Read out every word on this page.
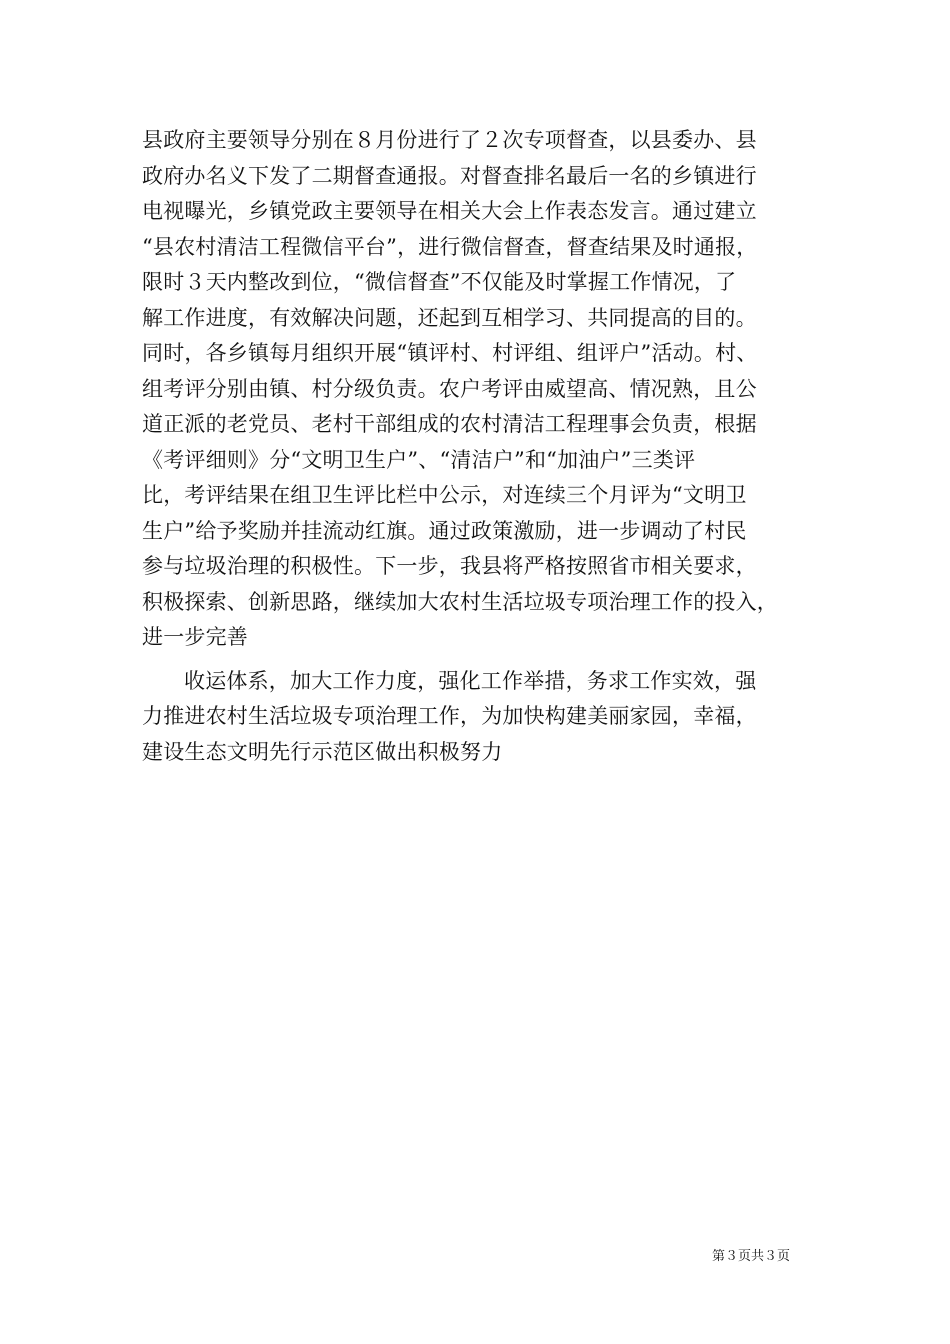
县政府主要领导分别在８月份进行了２次专项督查，以县委办、县
政府办名义下发了二期督查通报。对督查排名最后一名的乡镇进行
电视曝光，乡镇党政主要领导在相关大会上作表态发言。通过建立
“县农村清洁工程微信平台”，进行微信督查，督查结果及时通报，
限时３天内整改到位，“微信督查”不仅能及时掌握工作情况，了
解工作进度，有效解决问题，还起到互相学习、共同提高的目的。
同时，各乡镇每月组织开展“镇评村、村评组、组评户”活动。村、
组考评分别由镇、村分级负责。农户考评由威望高、情况熟，且公
道正派的老党员、老村干部组成的农村清洁工程理事会负责，根据
《考评细则》分“文明卫生户”、“清洁户”和“加油户”三类评
比，考评结果在组卫生评比栏中公示，对连续三个月评为“文明卫
生户”给予奖励并挂流动红旗。通过政策激励，进一步调动了村民
参与垃圾治理的积极性。下一步，我县将严格按照省市相关要求，
积极探索、创新思路，继续加大农村生活垃圾专项治理工作的投入，
进一步完善
收运体系，加大工作力度，强化工作举措，务求工作实效，强
力推进农村生活垃圾专项治理工作，为加快构建美丽家园，幸福，
建设生态文明先行示范区做出积极努力
第３页共３页
